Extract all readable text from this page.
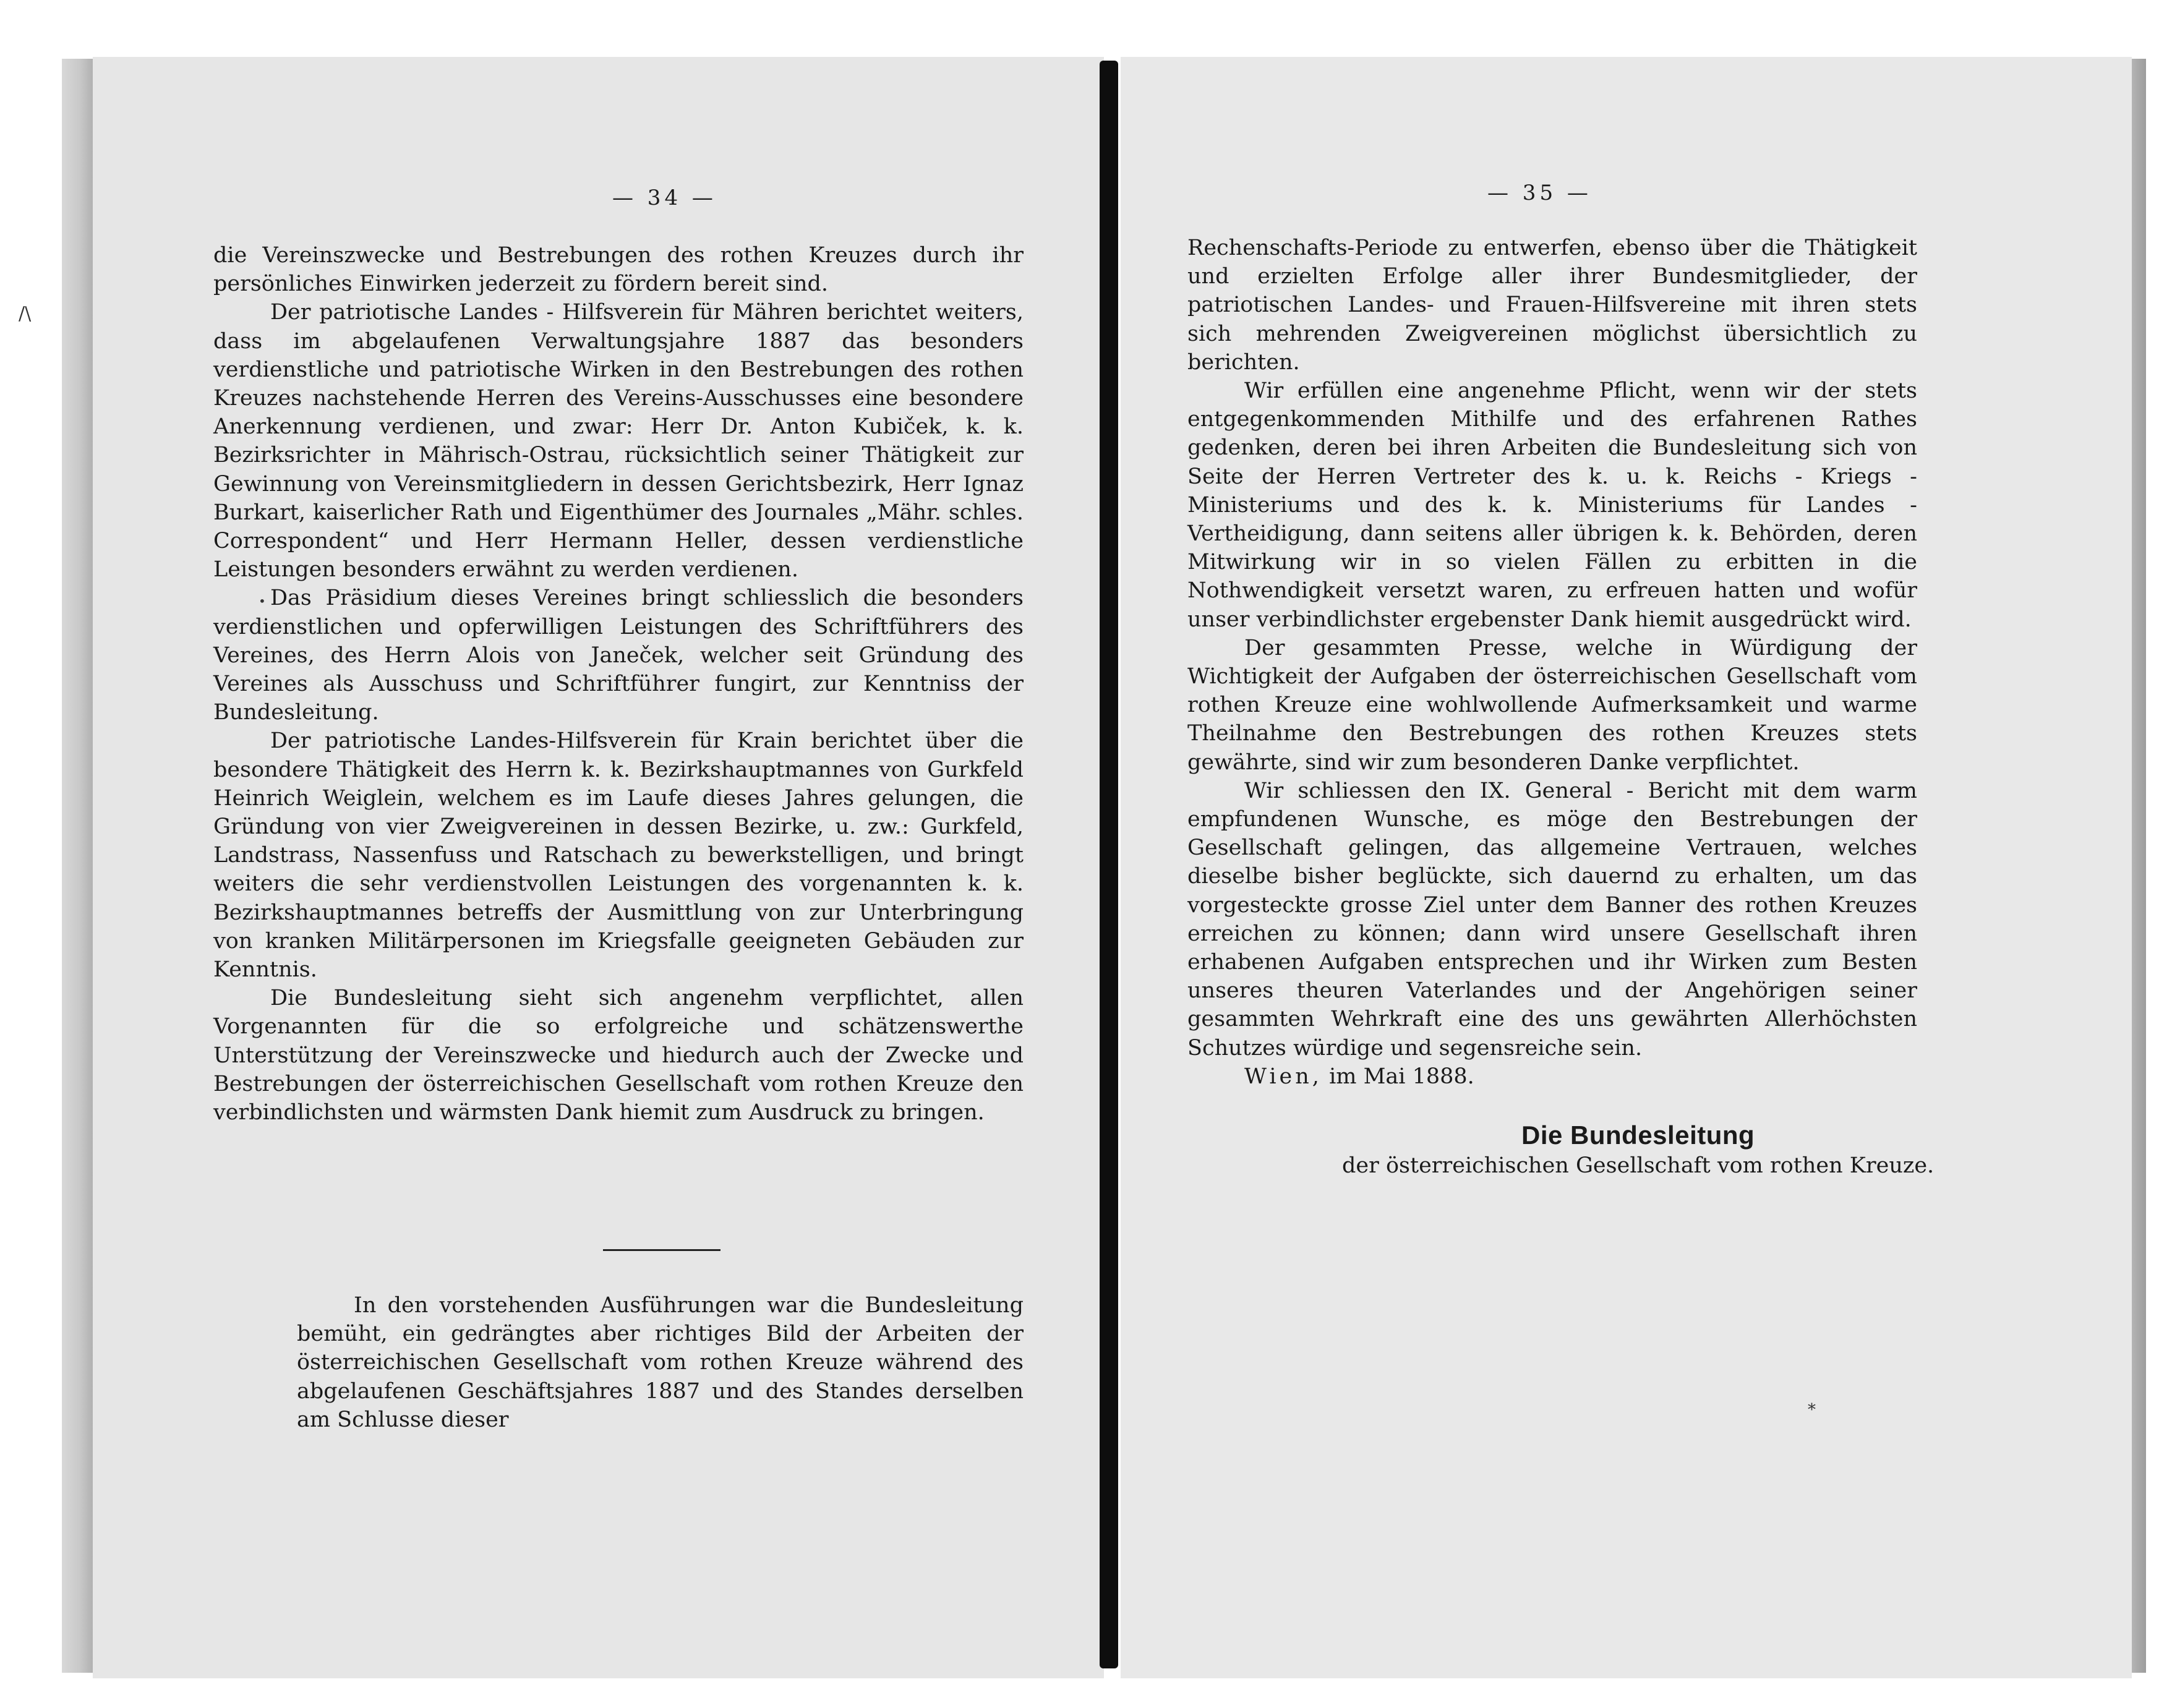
∕\
•
*
— 34 —

die Vereinszwecke und Bestrebungen des rothen Kreuzes durch ihr persönliches Einwirken jederzeit zu fördern bereit sind.

Der patriotische Landes - Hilfsverein für Mähren berichtet weiters, dass im abgelaufenen Verwaltungsjahre 1887 das besonders verdienstliche und patriotische Wirken in den Bestrebungen des rothen Kreuzes nachstehende Herren des Vereins-Ausschusses eine besondere Anerkennung verdienen, und zwar: Herr Dr. Anton Kubiček, k. k. Bezirksrichter in Mährisch-Ostrau, rücksichtlich seiner Thätigkeit zur Gewinnung von Vereinsmitgliedern in dessen Gerichtsbezirk, Herr Ignaz Burkart, kaiserlicher Rath und Eigenthümer des Journales „Mähr. schles. Correspondent“ und Herr Hermann Heller, dessen verdienstliche Leistungen besonders erwähnt zu werden verdienen.

Das Präsidium dieses Vereines bringt schliesslich die besonders verdienstlichen und opferwilligen Leistungen des Schriftführers des Vereines, des Herrn Alois von Janeček, welcher seit Gründung des Vereines als Ausschuss und Schriftführer fungirt, zur Kenntniss der Bundesleitung.

Der patriotische Landes-Hilfsverein für Krain berichtet über die besondere Thätigkeit des Herrn k. k. Bezirkshauptmannes von Gurkfeld Heinrich Weiglein, welchem es im Laufe dieses Jahres gelungen, die Gründung von vier Zweigvereinen in dessen Bezirke, u. zw.: Gurkfeld, Landstrass, Nassenfuss und Ratschach zu bewerkstelligen, und bringt weiters die sehr verdienstvollen Leistungen des vorgenannten k. k. Bezirkshauptmannes betreffs der Ausmittlung von zur Unterbringung von kranken Militärpersonen im Kriegsfalle geeigneten Gebäuden zur Kenntnis.

Die Bundesleitung sieht sich angenehm verpflichtet, allen Vorgenannten für die so erfolgreiche und schätzenswerthe Unterstützung der Vereinszwecke und hiedurch auch der Zwecke und Bestrebungen der österreichischen Gesellschaft vom rothen Kreuze den verbindlichsten und wärmsten Dank hiemit zum Ausdruck zu bringen.

In den vorstehenden Ausführungen war die Bundesleitung bemüht, ein gedrängtes aber richtiges Bild der Arbeiten der österreichischen Gesellschaft vom rothen Kreuze während des abgelaufenen Geschäftsjahres 1887 und des Standes derselben am Schlusse dieser

— 35 —

Rechenschafts-Periode zu entwerfen, ebenso über die Thätigkeit und erzielten Erfolge aller ihrer Bundesmitglieder, der patriotischen Landes- und Frauen-Hilfsvereine mit ihren stets sich mehrenden Zweigvereinen möglichst übersichtlich zu berichten.

Wir erfüllen eine angenehme Pflicht, wenn wir der stets entgegenkommenden Mithilfe und des erfahrenen Rathes gedenken, deren bei ihren Arbeiten die Bundesleitung sich von Seite der Herren Vertreter des k. u. k. Reichs - Kriegs - Ministeriums und des k. k. Ministeriums für Landes - Vertheidigung, dann seitens aller übrigen k. k. Behörden, deren Mitwirkung wir in so vielen Fällen zu erbitten in die Nothwendigkeit versetzt waren, zu erfreuen hatten und wofür unser verbindlichster ergebenster Dank hiemit ausgedrückt wird.

Der gesammten Presse, welche in Würdigung der Wichtigkeit der Aufgaben der österreichischen Gesellschaft vom rothen Kreuze eine wohlwollende Aufmerksamkeit und warme Theilnahme den Bestrebungen des rothen Kreuzes stets gewährte, sind wir zum besonderen Danke verpflichtet.

Wir schliessen den IX. General - Bericht mit dem warm empfundenen Wunsche, es möge den Bestrebungen der Gesellschaft gelingen, das allgemeine Vertrauen, welches dieselbe bisher beglückte, sich dauernd zu erhalten, um das vorgesteckte grosse Ziel unter dem Banner des rothen Kreuzes erreichen zu können; dann wird unsere Gesellschaft ihren erhabenen Aufgaben entsprechen und ihr Wirken zum Besten unseres theuren Vaterlandes und der Angehörigen seiner gesammten Wehrkraft eine des uns gewährten Allerhöchsten Schutzes würdige und segensreiche sein.

Wien, im Mai 1888.

Die Bundesleitung
der österreichischen Gesellschaft vom rothen Kreuze.
